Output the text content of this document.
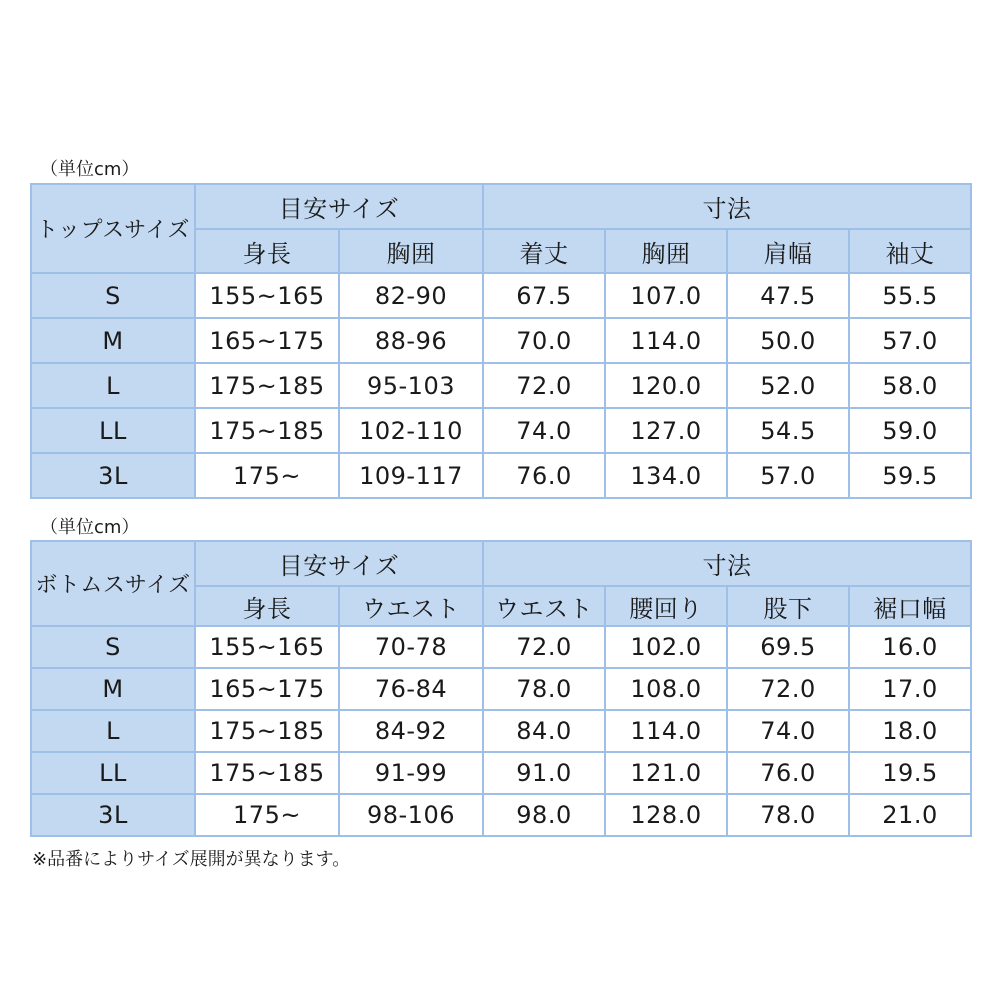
（単位cm）
トップスサイズ	目安サイズ		寸法			
	身長	胸囲	着丈	胸囲	肩幅	袖丈
S	155~165	82-90	67.5	107.0	47.5	55.5
M	165~175	88-96	70.0	114.0	50.0	57.0
L	175~185	95-103	72.0	120.0	52.0	58.0
LL	175~185	102-110	74.0	127.0	54.5	59.0
3L	175~	109-117	76.0	134.0	57.0	59.5
（単位cm）
ボトムスサイズ	目安サイズ		寸法			
	身長	ウエスト	ウエスト	腰回り	股下	裾口幅
S	155~165	70-78	72.0	102.0	69.5	16.0
M	165~175	76-84	78.0	108.0	72.0	17.0
L	175~185	84-92	84.0	114.0	74.0	18.0
LL	175~185	91-99	91.0	121.0	76.0	19.5
3L	175~	98-106	98.0	128.0	78.0	21.0
※品番によりサイズ展開が異なります。
